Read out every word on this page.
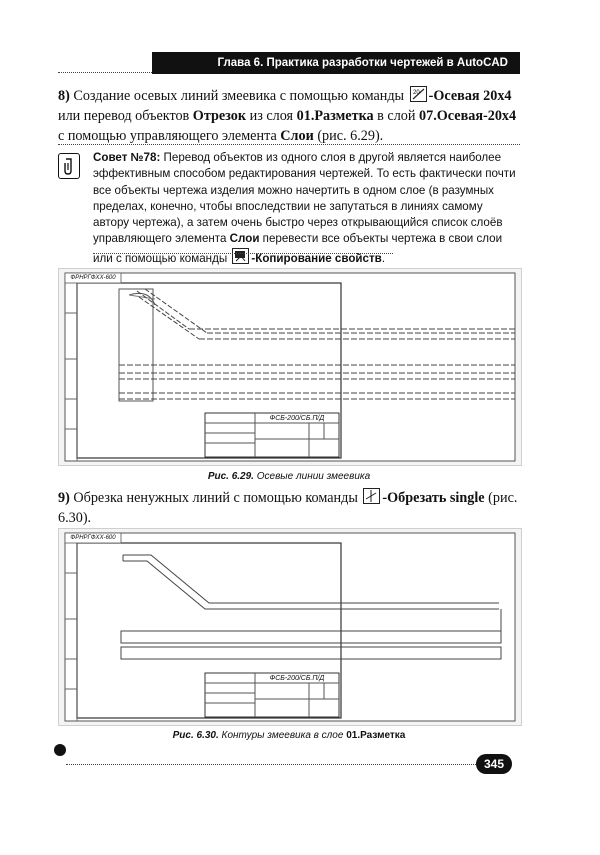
Глава 6. Практика разработки чертежей в AutoCAD
8) Создание осевых линий змеевика с помощью команды 20 -Осевая 20х4 или перевод объектов Отрезок из слоя 01.Разметка в слой 07.Осевая-20х4 с помощью управляющего элемента Слои (рис. 6.29).
Совет №78: Перевод объектов из одного слоя в другой является наиболее эффективным способом редактирования чертежей. То есть фактически почти все объекты чертежа изделия можно начертить в одном слое (в разумных пределах, конечно, чтобы впоследствии не запутаться в линиях самому автору чертежа), а затем очень быстро через открывающийся список слоёв управляющего элемента Слои перевести все объекты чертежа в свои слои или с помощью команды
-Копирование свойств.
ФРНРГФХХ-600
ФСБ-200/СБ.П/Д
Рис. 6.29. Осевые линии змеевика
9) Обрезка ненужных линий с помощью команды
-Обрезать single (рис. 6.30).
ФРНРГФХХ-600
ФСБ-200/СБ.П/Д
Рис. 6.30. Контуры змеевика в слое 01.Разметка
345
